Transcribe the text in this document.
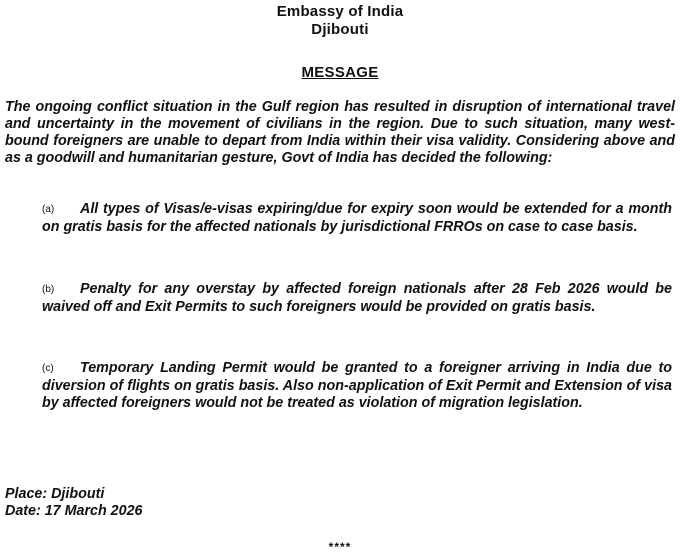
Embassy of India
Djibouti
MESSAGE
The ongoing conflict situation in the Gulf region has resulted in disruption of international travel and uncertainty in the movement of civilians in the region. Due to such situation, many west-bound foreigners are unable to depart from India within their visa validity. Considering above and as a goodwill and humanitarian gesture, Govt of India has decided the following:
(a) All types of Visas/e-visas expiring/due for expiry soon would be extended for a month on gratis basis for the affected nationals by jurisdictional FRROs on case to case basis.
(b) Penalty for any overstay by affected foreign nationals after 28 Feb 2026 would be waived off and Exit Permits to such foreigners would be provided on gratis basis.
(c) Temporary Landing Permit would be granted to a foreigner arriving in India due to diversion of flights on gratis basis. Also non-application of Exit Permit and Extension of visa by affected foreigners would not be treated as violation of migration legislation.
Place: Djibouti
Date: 17 March 2026
****
